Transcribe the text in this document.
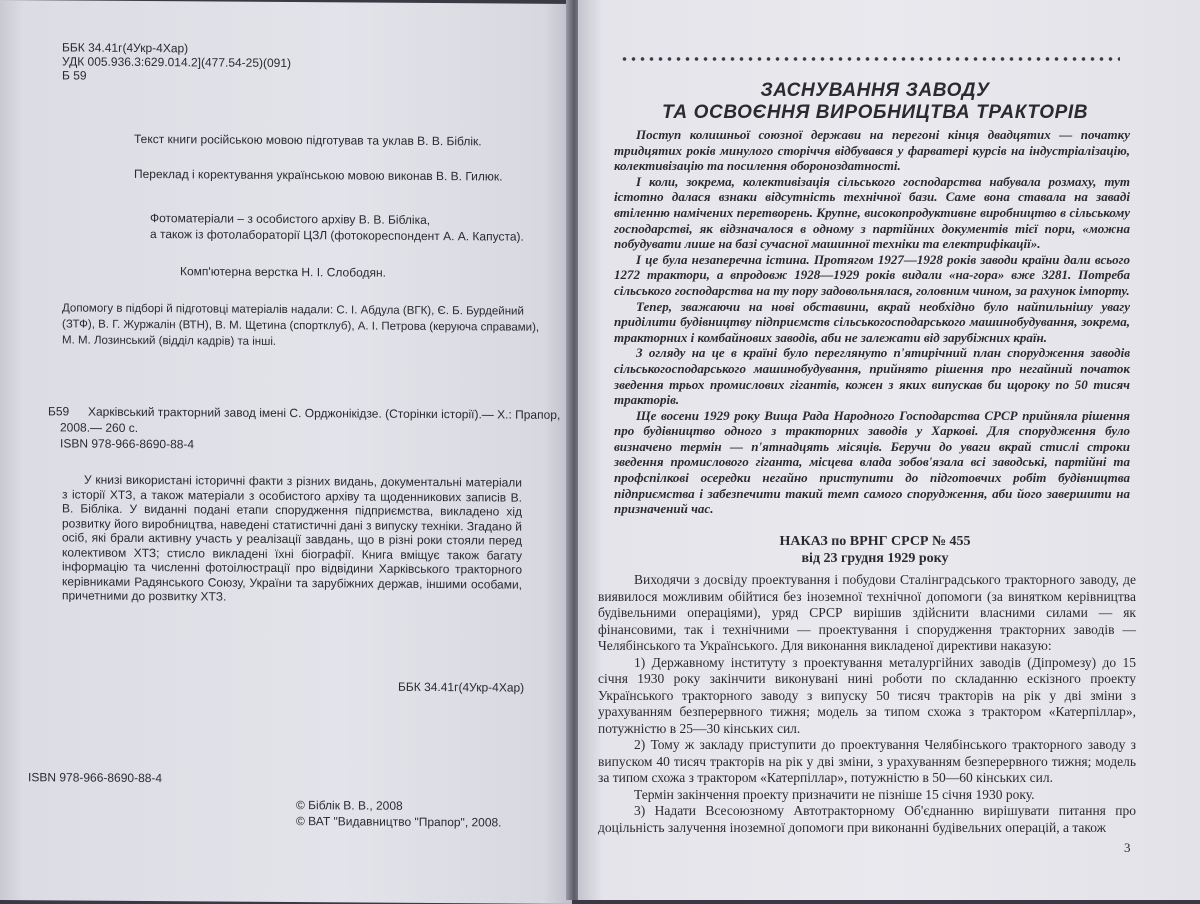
ББК 34.41г(4Укр-4Хар)
УДК 005.936.3:629.014.2](477.54-25)(091)
Б 59
Текст книги російською мовою підготував та уклав В. В. Біблік.
Переклад і коректування українською мовою виконав В. В. Гилюк.
Фотоматеріали – з особистого архіву В. В. Бібліка,
а також із фотолабораторії ЦЗЛ (фотокореспондент А. А. Капуста).
Комп'ютерна верстка Н. І. Слободян.
Допомогу в підборі й підготовці матеріалів надали: С. І. Абдула (ВГК), Є. Б. Бурдейний
(ЗТФ), В. Г. Журжалін (ВТН), В. М. Щетина (спортклуб), А. І. Петрова (керуюча справами),
М. М. Лозинський (відділ кадрів) та інші.
Б59 Харківський тракторний завод імені С. Орджонікідзе. (Сторінки історії).— Х.: Прапор,
2008.— 260 с.
ISBN 978-966-8690-88-4
У книзі використані історичні факти з різних видань, документальні матеріали з історії ХТЗ, а також матеріали з особистого архіву та щоденникових записів В. В. Бібліка. У виданні подані етапи спорудження підприємства, викладено хід розвитку його виробництва, наведені статистичні дані з випуску техніки. Згадано й осіб, які брали активну участь у реалізації завдань, що в різні роки стояли перед колективом ХТЗ; стисло викладені їхні біографії. Книга вміщує також багату інформацію та численні фотоілюстрації про відвідини Харківського тракторного керівниками Радянського Союзу, України та зарубіжних держав, іншими особами, причетними до розвитку ХТЗ.
ББК 34.41г(4Укр-4Хар)
ISBN 978-966-8690-88-4
© Біблік В. В., 2008
© ВАТ "Видавництво "Прапор", 2008.
ЗАСНУВАННЯ ЗАВОДУ
ТА ОСВОЄННЯ ВИРОБНИЦТВА ТРАКТОРІВ

Поступ колишньої союзної держави на перегоні кінця двадцятих — початку тридцятих років минулого сторіччя відбувався у фарватері курсів на індустріалізацію, колективізацію та посилення обороноздатності.

І коли, зокрема, колективізація сільського господарства набувала розмаху, тут істотно далася взнаки відсутність технічної бази. Саме вона ставала на заваді втіленню намічених перетворень. Крупне, високопродуктивне виробництво в сільському господарстві, як відзначалося в одному з партійних документів тієї пори, «можна побудувати лише на базі сучасної машинної техніки та електрифікації».

І це була незаперечна істина. Протягом 1927—1928 років заводи країни дали всього 1272 трактори, а впродовж 1928—1929 років видали «на-гора» вже 3281. Потреба сільського господарства на ту пору задовольнялася, головним чином, за рахунок імпорту.

Тепер, зважаючи на нові обставини, вкрай необхідно було найпильнішу увагу приділити будівництву підприємств сільськогосподарського машинобудування, зокрема, тракторних і комбайнових заводів, аби не залежати від зарубіжних країн.

З огляду на це в країні було переглянуто п'ятирічний план спорудження заводів сільськогосподарського машинобудування, прийнято рішення про негайний початок зведення трьох промислових гігантів, кожен з яких випускав би щороку по 50 тисяч тракторів.

Ще восени 1929 року Вища Рада Народного Господарства СРСР прийняла рішення про будівництво одного з тракторних заводів у Харкові. Для спорудження було визначено термін — п'ятнадцять місяців. Беручи до уваги вкрай стислі строки зведення промислового гіганта, місцева влада зобов'язала всі заводські, партійні та профспілкові осередки негайно приступити до підготовчих робіт будівництва підприємства і забезпечити такий темп самого спорудження, аби його завершити на призначений час.

НАКАЗ по ВРНГ СРСР № 455
від 23 грудня 1929 року

Виходячи з досвіду проектування і побудови Сталінградського тракторного заводу, де виявилося можливим обійтися без іноземної технічної допомоги (за винятком керівництва будівельними операціями), уряд СРСР вирішив здійснити власними силами — як фінансовими, так і технічними — проектування і спорудження тракторних заводів — Челябінського та Українського. Для виконання викладеної директиви наказую:

1) Державному інституту з проектування металургійних заводів (Дiпромезу) до 15 січня 1930 року закінчити виконувані нині роботи по складанню ескізного проекту Українського тракторного заводу з випуску 50 тисяч тракторів на рік у дві зміни з урахуванням безперервного тижня; модель за типом схожа з трактором «Катерпіллар», потужністю в 25—30 кінських сил.

2) Тому ж закладу приступити до проектування Челябінського тракторного заводу з випуском 40 тисяч тракторів на рік у дві зміни, з урахуванням безперервного тижня; модель за типом схожа з трактором «Катерпіллар», потужністю в 50—60 кінських сил.

Термін закінчення проекту призначити не пізніше 15 січня 1930 року.

3) Надати Всесоюзному Автотракторному Об'єднанню вирішувати питання про доцільність залучення іноземної допомоги при виконанні будівельних операцій, а також

3
